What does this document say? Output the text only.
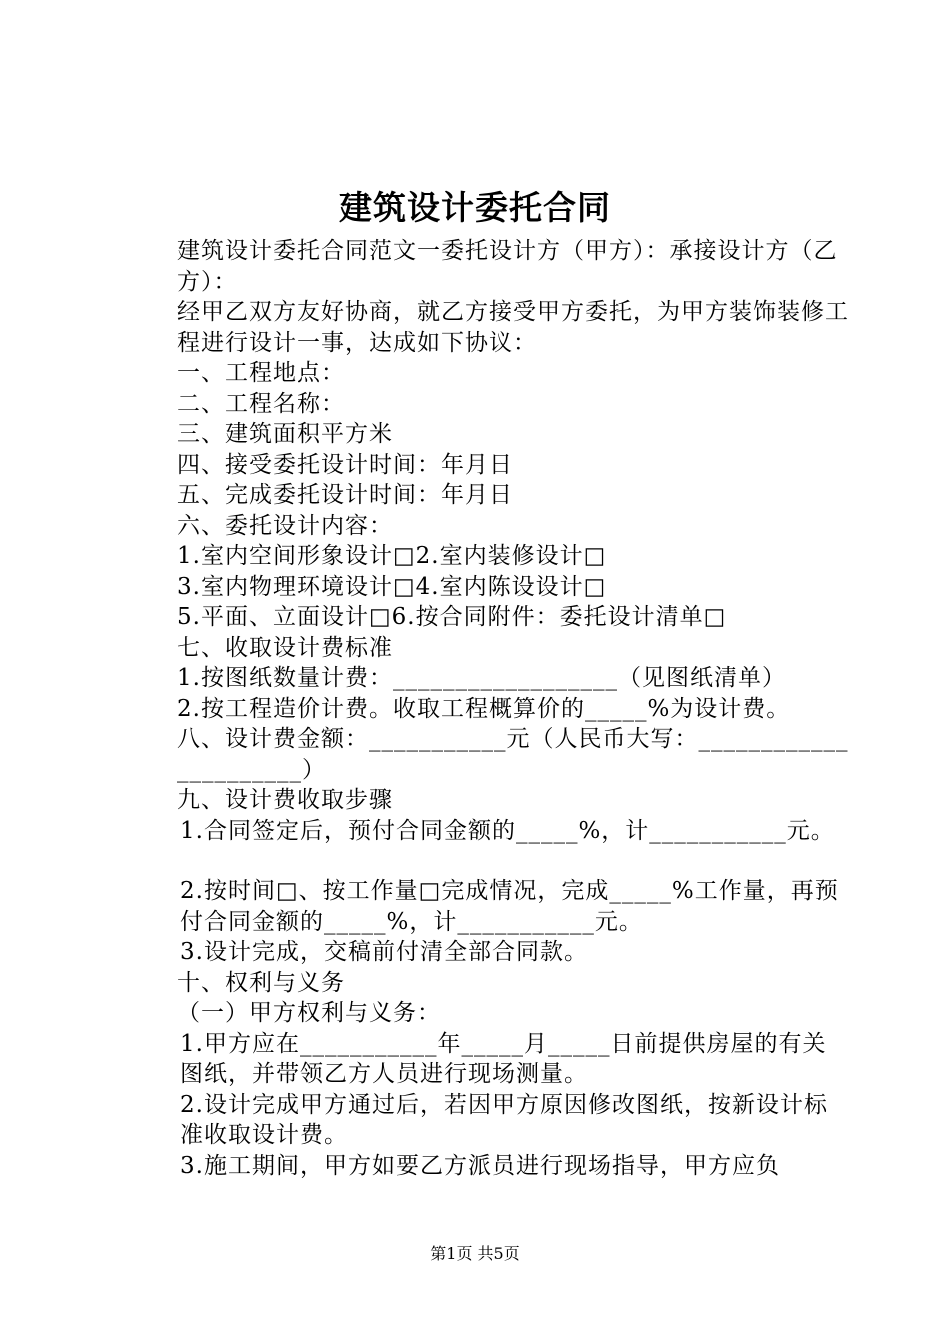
建筑设计委托合同

建筑设计委托合同范文一委托设计方（甲方）：承接设计方（乙方）：

经甲乙双方友好协商，就乙方接受甲方委托，为甲方装饰装修工程进行设计一事，达成如下协议：

一、工程地点：

二、工程名称：

三、建筑面积平方米

四、接受委托设计时间：年月日

五、完成委托设计时间：年月日

六、委托设计内容：

1.室内空间形象设计□2.室内装修设计□

3.室内物理环境设计□4.室内陈设设计□

5.平面、立面设计□6.按合同附件：委托设计清单□

七、收取设计费标准

1.按图纸数量计费：__________________（见图纸清单）

2.按工程造价计费。收取工程概算价的_____%为设计费。

八、设计费金额：___________元（人民币大写：______________________）

九、设计费收取步骤

1.合同签定后，预付合同金额的_____%，计___________元。

2.按时间□、按工作量□完成情况，完成_____%工作量，再预付合同金额的_____%，计___________元。

3.设计完成，交稿前付清全部合同款。

十、权利与义务

（一）甲方权利与义务：

1.甲方应在___________年_____月_____日前提供房屋的有关图纸，并带领乙方人员进行现场测量。

2.设计完成甲方通过后，若因甲方原因修改图纸，按新设计标准收取设计费。

3.施工期间，甲方如要乙方派员进行现场指导，甲方应负

第1页 共5页
